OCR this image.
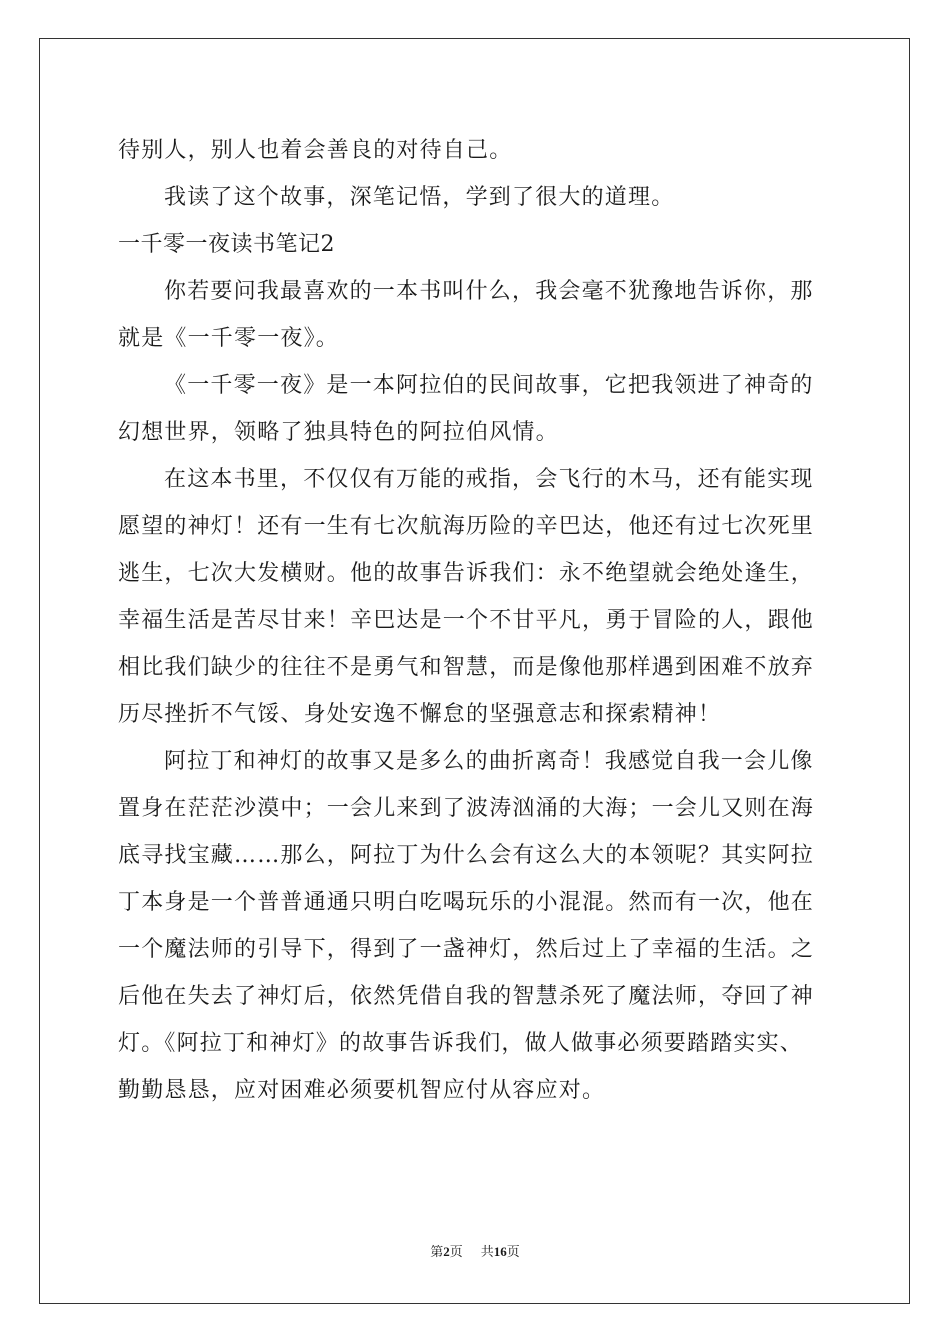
待别人，别人也着会善良的对待自己。
我读了这个故事，深笔记悟，学到了很大的道理。
一千零一夜读书笔记2
你若要问我最喜欢的一本书叫什么，我会毫不犹豫地告诉你，那
就是《一千零一夜》。
《一千零一夜》是一本阿拉伯的民间故事，它把我领进了神奇的
幻想世界，领略了独具特色的阿拉伯风情。
在这本书里，不仅仅有万能的戒指，会飞行的木马，还有能实现
愿望的神灯！还有一生有七次航海历险的辛巴达，他还有过七次死里
逃生，七次大发横财。他的故事告诉我们：永不绝望就会绝处逢生，
幸福生活是苦尽甘来！辛巴达是一个不甘平凡，勇于冒险的人，跟他
相比我们缺少的往往不是勇气和智慧，而是像他那样遇到困难不放弃
历尽挫折不气馁、身处安逸不懈怠的坚强意志和探索精神！
阿拉丁和神灯的故事又是多么的曲折离奇！我感觉自我一会儿像
置身在茫茫沙漠中；一会儿来到了波涛汹涌的大海；一会儿又则在海
底寻找宝藏……那么，阿拉丁为什么会有这么大的本领呢？其实阿拉
丁本身是一个普普通通只明白吃喝玩乐的小混混。然而有一次，他在
一个魔法师的引导下，得到了一盏神灯，然后过上了幸福的生活。之
后他在失去了神灯后，依然凭借自我的智慧杀死了魔法师，夺回了神
灯。《阿拉丁和神灯》的故事告诉我们，做人做事必须要踏踏实实、
勤勤恳恳，应对困难必须要机智应付从容应对。
第2页 共16页
